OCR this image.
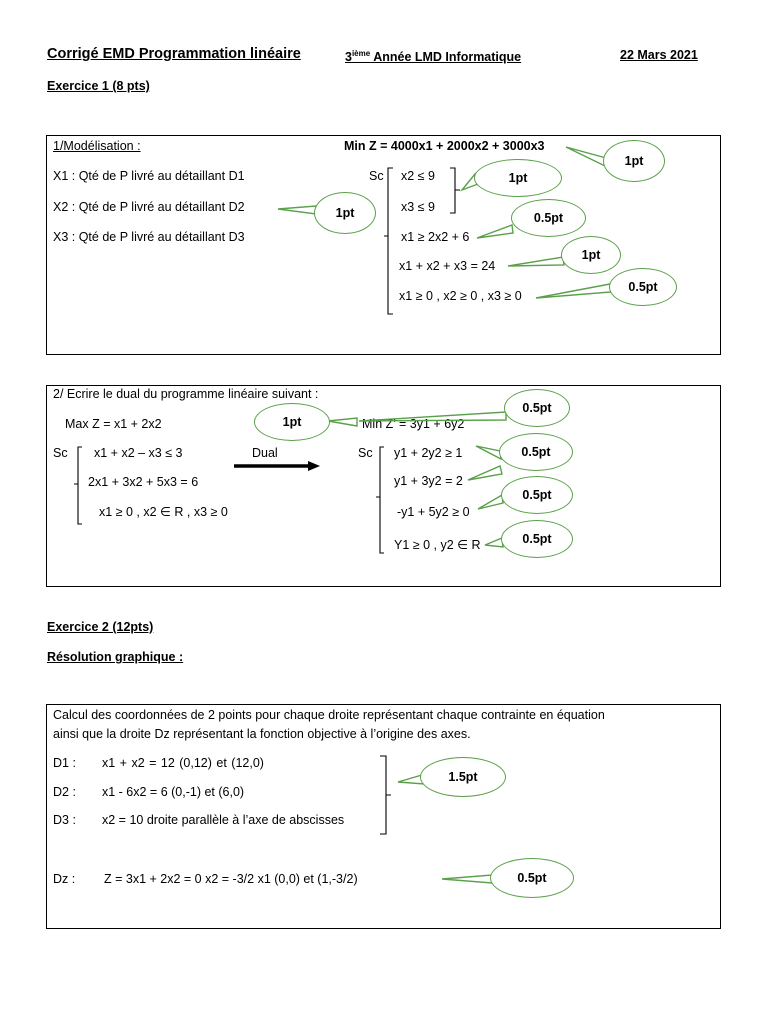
Corrigé EMD Programmation linéaire	3ième Année LMD Informatique	22 Mars 2021
Exercice 1 (8 pts)
1/Modélisation :	Min Z = 4000x1 + 2000x2 + 3000x3
X1 : Qté de P livré au détaillant D1
X2 : Qté de P livré au détaillant D2
X3 : Qté de P livré au détaillant D3
Sc x2 ≤ 9
x3 ≤ 9
x1 ≥ 2x2 + 6
x1 + x2 + x3 = 24
x1 ≥ 0 , x2 ≥ 0 , x3 ≥ 0
2/ Ecrire le dual du programme linéaire suivant :
Max Z = x1 + 2x2
Sc x1 + x2 – x3 ≤ 3
2x1 + 3x2 + 5x3 = 6
x1 ≥ 0 , x2 ∈ R , x3 ≥ 0
Dual
Min Z’ = 3y1 + 6y2
Sc y1 + 2y2 ≥ 1
y1 + 3y2 = 2
-y1 + 5y2 ≥ 0
Y1 ≥ 0 , y2 ∈ R
Exercice 2 (12pts)
Résolution graphique :
Calcul des coordonnées de 2 points pour chaque droite représentant chaque contrainte en équation
ainsi que la droite Dz représentant la fonction objective à l’origine des axes.
D1 : x1 + x2 = 12 (0,12) et (12,0)
D2 : x1 - 6x2 = 6 (0,-1) et (6,0)
D3 : x2 = 10 droite parallèle à l’axe de abscisses
Dz : Z = 3x1 + 2x2 = 0 x2 = -3/2 x1 (0,0) et (1,-3/2)
1pt
1pt
1pt	0.5pt
1pt
0.5pt
1pt
0.5pt
0.5pt
0.5pt
0.5pt
1.5pt
0.5pt
